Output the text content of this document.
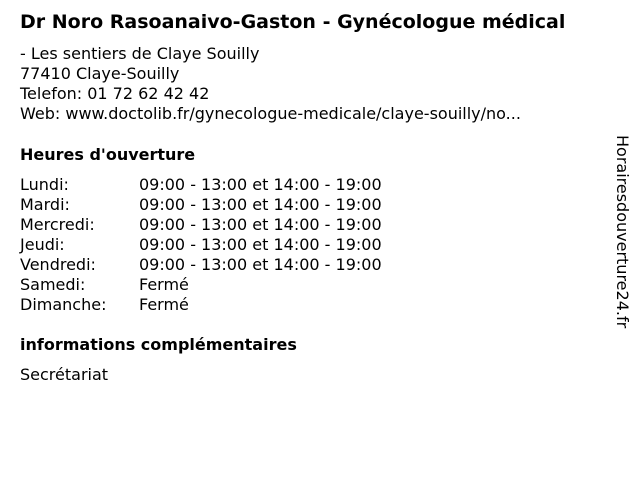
Dr Noro Rasoanaivo-Gaston - Gynécologue médical
- Les sentiers de Claye Souilly
77410 Claye-Souilly
Telefon: 01 72 62 42 42
Web: www.doctolib.fr/gynecologue-medicale/claye-souilly/no...
Heures d'ouverture
Lundi:	09:00 - 13:00 et 14:00 - 19:00
Mardi:	09:00 - 13:00 et 14:00 - 19:00
Mercredi:	09:00 - 13:00 et 14:00 - 19:00
Jeudi:	09:00 - 13:00 et 14:00 - 19:00
Vendredi:	09:00 - 13:00 et 14:00 - 19:00
Samedi:	Fermé
Dimanche:	Fermé
informations complémentaires
Secrétariat
Horairesdouverture24.fr
